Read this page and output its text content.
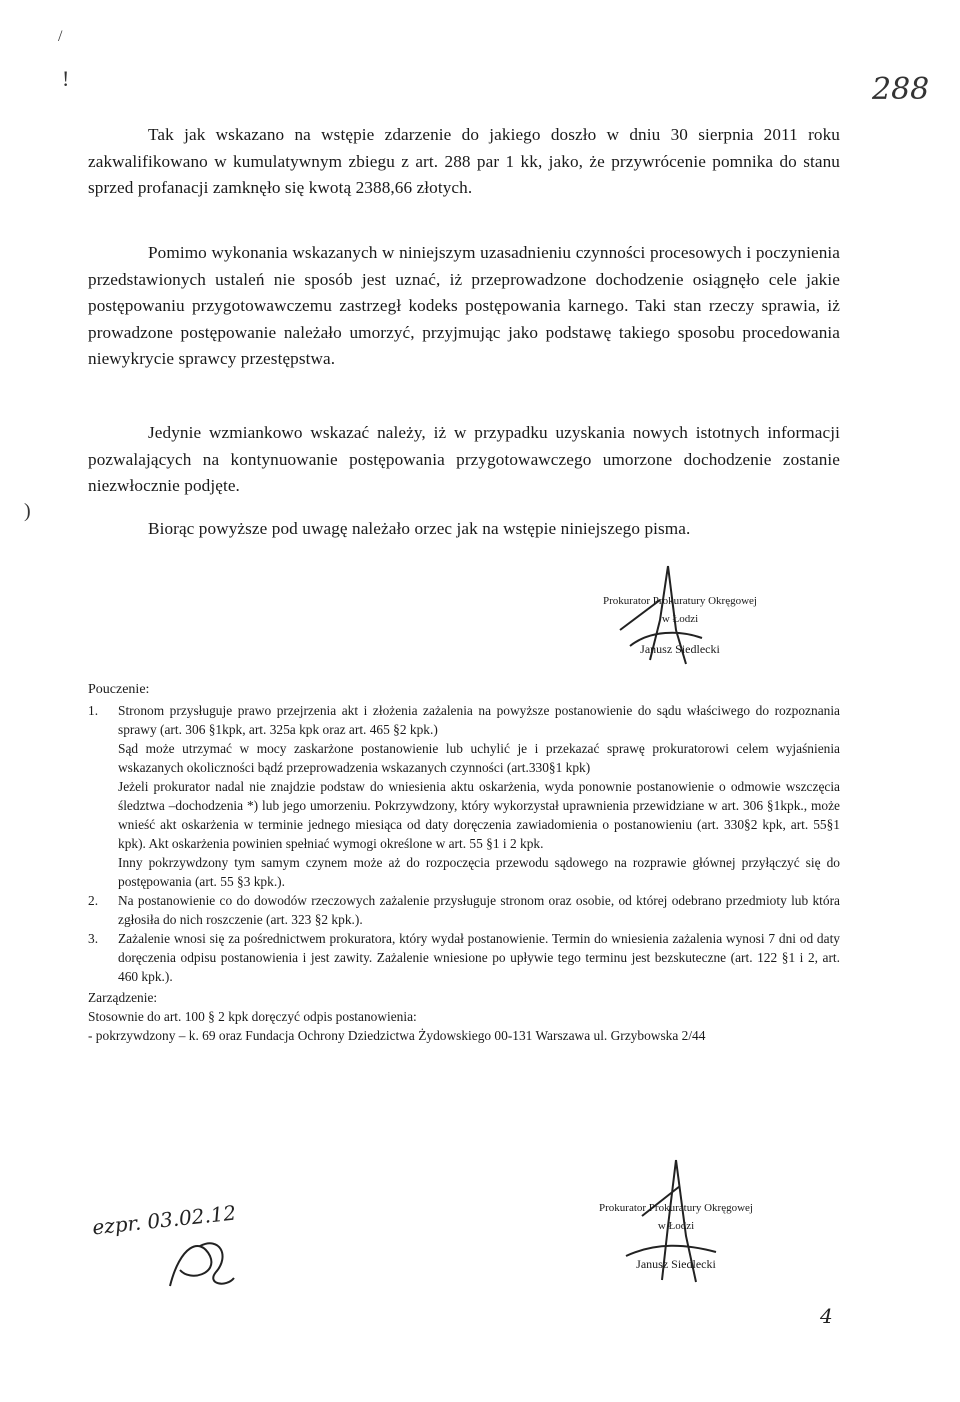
/
!	288
)

Tak jak wskazano na wstępie zdarzenie do jakiego doszło w dniu 30 sierpnia 2011 roku zakwalifikowano w kumulatywnym zbiegu z art. 288 par 1 kk, jako, że przywrócenie pomnika do stanu sprzed profanacji zamknęło się kwotą 2388,66 złotych.

Pomimo wykonania wskazanych w niniejszym uzasadnieniu czynności procesowych i poczynienia przedstawionych ustaleń nie sposób jest uznać, iż przeprowadzone dochodzenie osiągnęło cele jakie postępowaniu przygotowawczemu zastrzegł kodeks postępowania karnego. Taki stan rzeczy sprawia, iż prowadzone postępowanie należało umorzyć, przyjmując jako podstawę takiego sposobu procedowania niewykrycie sprawcy przestępstwa.

Jedynie wzmiankowo wskazać należy, iż w przypadku uzyskania nowych istotnych informacji pozwalających na kontynuowanie postępowania przygotowawczego umorzone dochodzenie zostanie niezwłocznie podjęte.

Biorąc powyższe pod uwagę należało orzec jak na wstępie niniejszego pisma.

Prokurator Prokuratury Okręgowej
w Łodzi
Janusz Siedlecki
Pouczenie:
1.	Stronom przysługuje prawo przejrzenia akt i złożenia zażalenia na powyższe postanowienie do sądu właściwego do rozpoznania sprawy (art. 306 §1kpk, art. 325a kpk oraz art. 465 §2 kpk.)
Sąd może utrzymać w mocy zaskarżone postanowienie lub uchylić je i przekazać sprawę prokuratorowi celem wyjaśnienia wskazanych okoliczności bądź przeprowadzenia wskazanych czynności (art.330§1 kpk)
Jeżeli prokurator nadal nie znajdzie podstaw do wniesienia aktu oskarżenia, wyda ponownie postanowienie o odmowie wszczęcia śledztwa –dochodzenia *) lub jego umorzeniu. Pokrzywdzony, który wykorzystał uprawnienia przewidziane w art. 306 §1kpk., może wnieść akt oskarżenia w terminie jednego miesiąca od daty doręczenia zawiadomienia o postanowieniu (art. 330§2 kpk, art. 55§1 kpk). Akt oskarżenia powinien spełniać wymogi określone w art. 55 §1 i 2 kpk.
Inny pokrzywdzony tym samym czynem może aż do rozpoczęcia przewodu sądowego na rozprawie głównej przyłączyć się do postępowania (art. 55 §3 kpk.).
2.	Na postanowienie co do dowodów rzeczowych zażalenie przysługuje stronom oraz osobie, od której odebrano przedmioty lub która zgłosiła do nich roszczenie (art. 323 §2 kpk.).
3.	Zażalenie wnosi się za pośrednictwem prokuratora, który wydał postanowienie. Termin do wniesienia zażalenia wynosi 7 dni od daty doręczenia odpisu postanowienia i jest zawity. Zażalenie wniesione po upływie tego terminu jest bezskuteczne (art. 122 §1 i 2, art. 460 kpk.).
Zarządzenie:
Stosownie do art. 100 § 2 kpk doręczyć odpis postanowienia:
- pokrzywdzony – k. 69 oraz Fundacja Ochrony Dziedzictwa Żydowskiego 00-131 Warszawa ul. Grzybowska 2/44
Prokurator Prokuratury Okręgowej
w Łodzi
Janusz Siedlecki
ezpr. 03.02.12
4
